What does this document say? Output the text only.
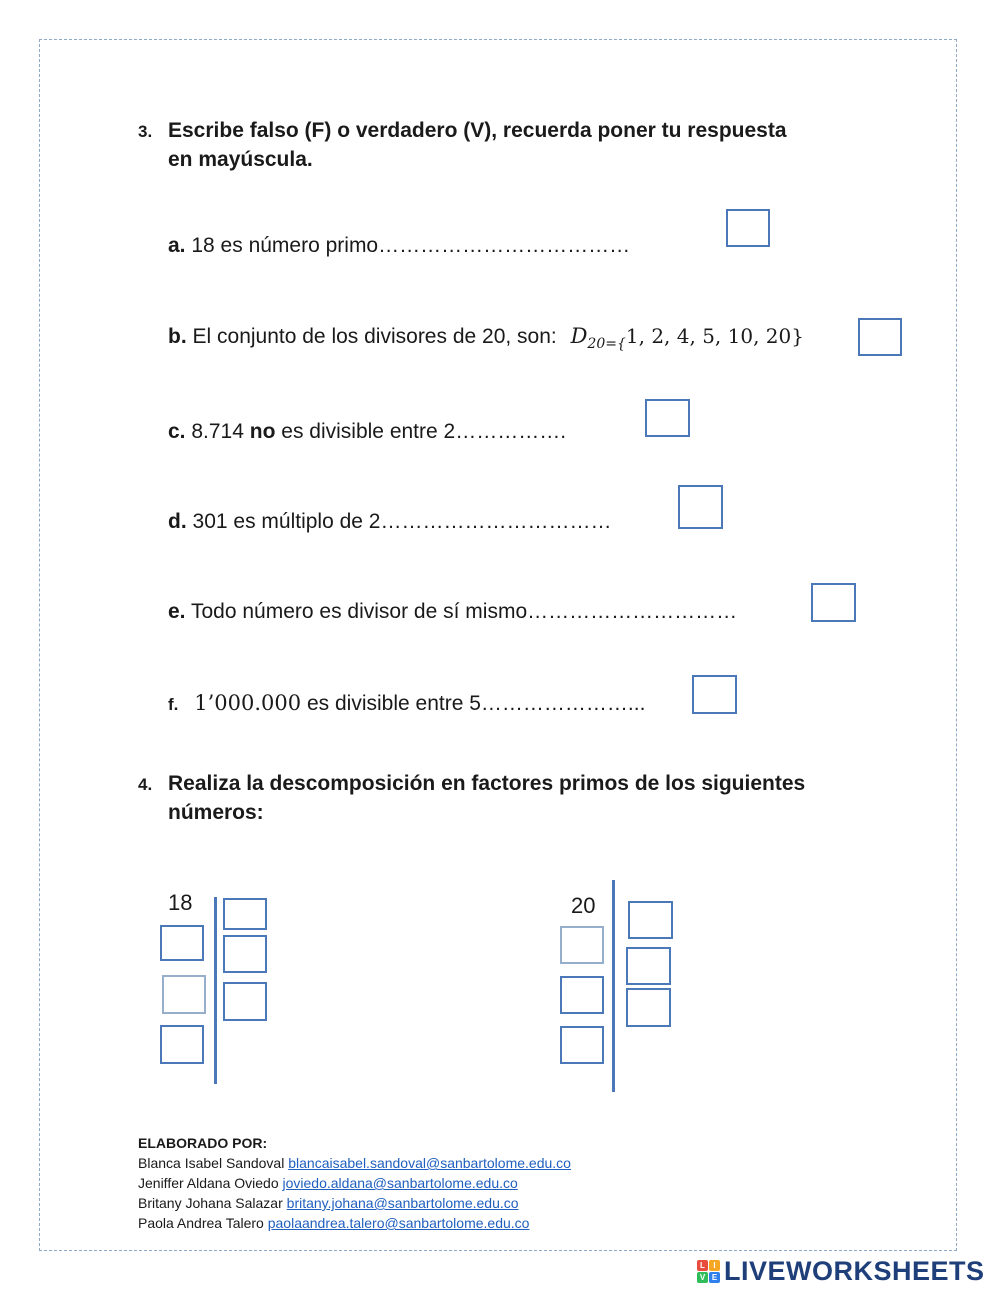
3. Escribe falso (F) o verdadero (V), recuerda poner tu respuesta
en mayúscula.
a. 18 es número primo………………………………
b. El conjunto de los divisores de 20, son: $D_{20=\{}1$, 2, 4, 5, 10, 20}
c. 8.714 no es divisible entre 2…………….
d. 301 es múltiplo de 2……………………………
e. Todo número es divisor de sí mismo…………………………
f. 1’000.000 es divisible entre 5…………………...
4. Realiza la descomposición en factores primos de los siguientes
números:
18	20
ELABORADO POR:
Blanca Isabel Sandoval blancaisabel.sandoval@sanbartolome.edu.co
Jeniffer Aldana Oviedo joviedo.aldana@sanbartolome.edu.co
Britany Johana Salazar britany.johana@sanbartolome.edu.co
Paola Andrea Talero paolaandrea.talero@sanbartolome.edu.co
L	I
V E LIVEWORKSHEETS
